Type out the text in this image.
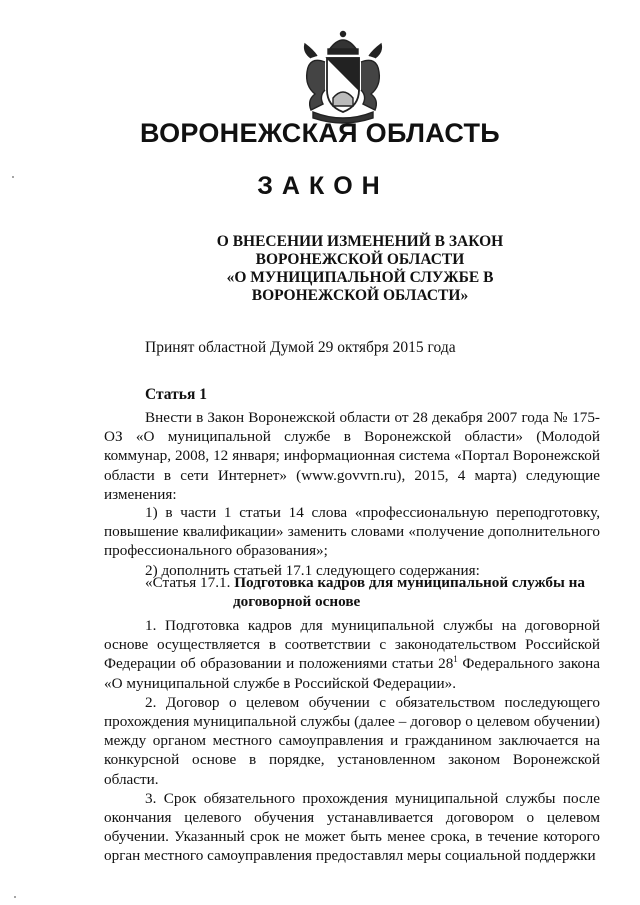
ВОРОНЕЖСКАЯ ОБЛАСТЬ
ЗАКОН
О ВНЕСЕНИИ ИЗМЕНЕНИЙ В ЗАКОН
ВОРОНЕЖСКОЙ ОБЛАСТИ
«О МУНИЦИПАЛЬНОЙ СЛУЖБЕ В
ВОРОНЕЖСКОЙ ОБЛАСТИ»
Принят областной Думой 29 октября 2015 года
Статья 1

Внести в Закон Воронежской области от 28 декабря 2007 года № 175-ОЗ «О муниципальной службе в Воронежской области» (Молодой коммунар, 2008, 12 января; информационная система «Портал Воронежской области в сети Интернет» (www.govvrn.ru), 2015, 4 марта) следующие изменения:

1) в части 1 статьи 14 слова «профессиональную переподготовку, повышение квалификации» заменить словами «получение дополнительного профессионального образования»;

2) дополнить статьей 17.1 следующего содержания:

«Статья 17.1. Подготовка кадров для муниципальной службы на

договорной основе

1. Подготовка кадров для муниципальной службы на договорной основе осуществляется в соответствии с законодательством Российской Федерации об образовании и положениями статьи $28^1$ Федерального закона «О муниципальной службе в Российской Федерации».

2. Договор о целевом обучении с обязательством последующего прохождения муниципальной службы (далее – договор о целевом обучении) между органом местного самоуправления и гражданином заключается на конкурсной основе в порядке, установленном законом Воронежской области.

3. Срок обязательного прохождения муниципальной службы после окончания целевого обучения устанавливается договором о целевом обучении. Указанный срок не может быть менее срока, в течение которого орган местного самоуправления предоставлял меры социальной поддержки
